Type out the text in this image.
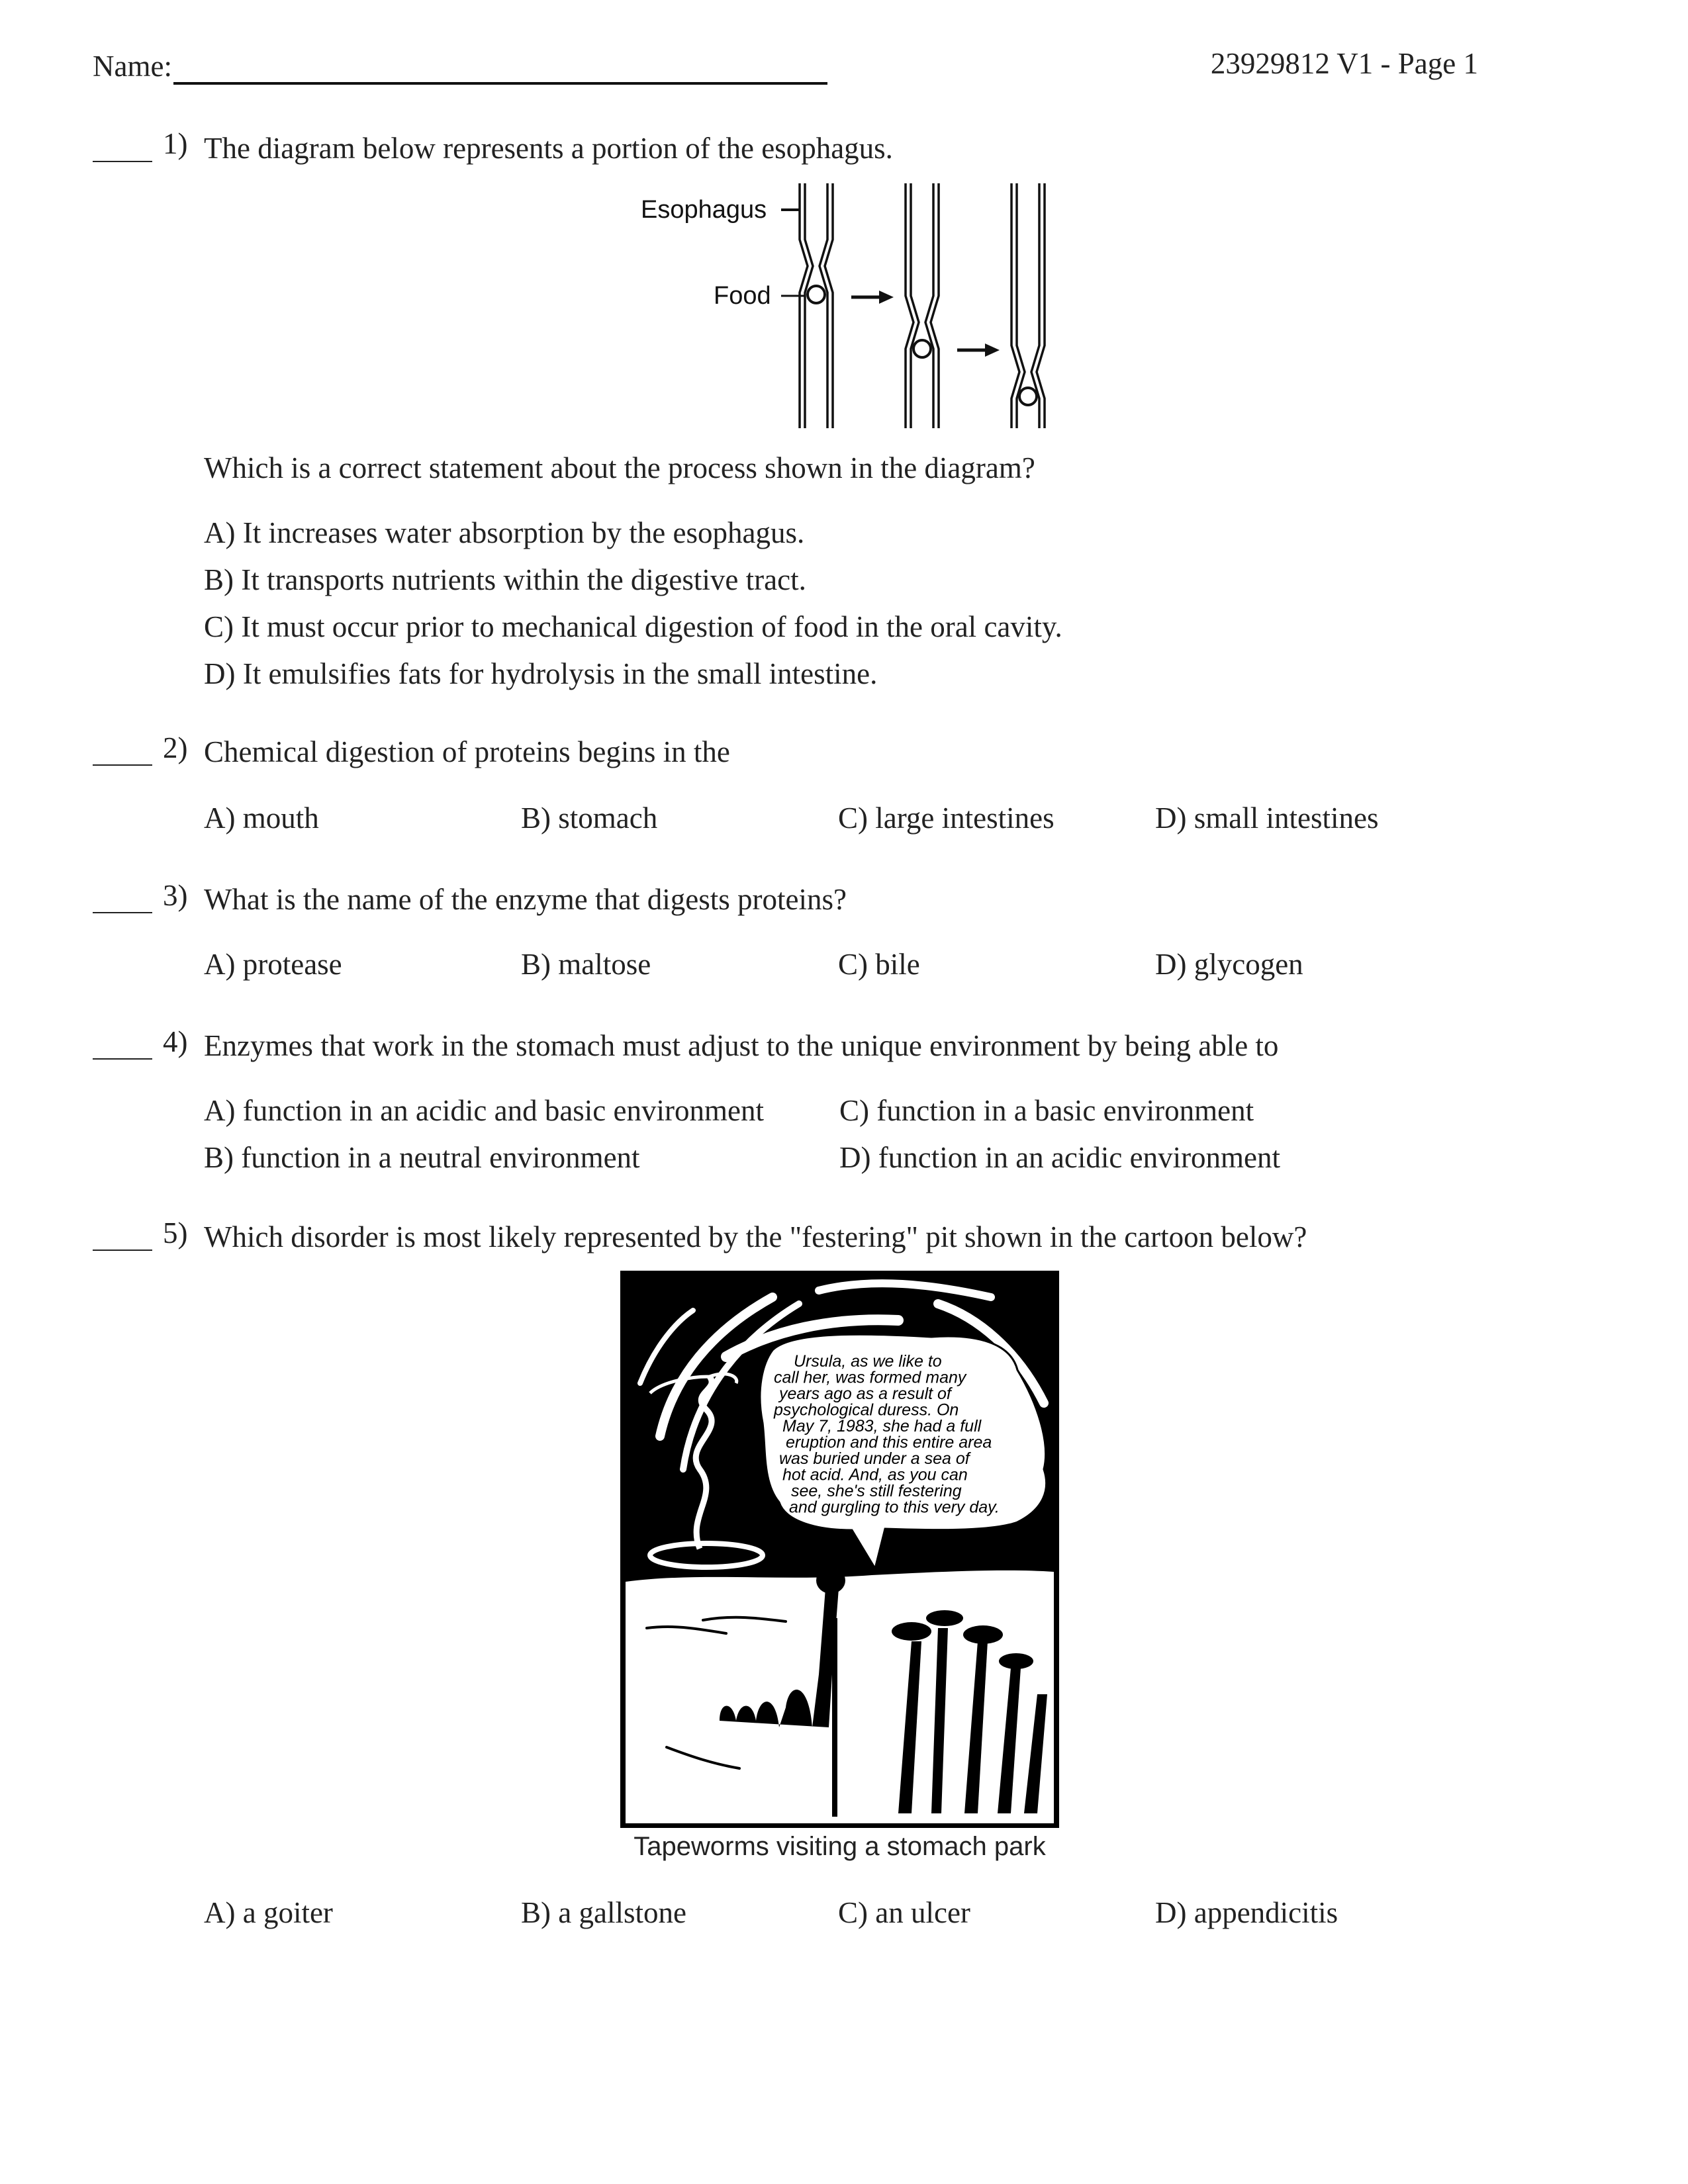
Name:	23929812 V1 - Page 1
1) The diagram below represents a portion of the esophagus.
Esophagus
Food
Which is a correct statement about the process shown in the diagram?
A) It increases water absorption by the esophagus.
B) It transports nutrients within the digestive tract.
C) It must occur prior to mechanical digestion of food in the oral cavity.
D) It emulsifies fats for hydrolysis in the small intestine.
2) Chemical digestion of proteins begins in the
A) mouth	B) stomach	C) large intestines	D) small intestines
3) What is the name of the enzyme that digests proteins?
A) protease	B) maltose	C) bile	D) glycogen
4) Enzymes that work in the stomach must adjust to the unique environment by being able to
A) function in an acidic and basic environment
B) function in a neutral environment
C) function in a basic environment
D) function in an acidic environment
5) Which disorder is most likely represented by the "festering" pit shown in the cartoon below?
Ursula, as we like to
call her, was formed many
years ago as a result of
psychological duress. On
May 7, 1983, she had a full
eruption and this entire area
was buried under a sea of
hot acid. And, as you can
see, she's still festering
and gurgling to this very day.
Tapeworms visiting a stomach park
A) a goiter	B) a gallstone	C) an ulcer	D) appendicitis
